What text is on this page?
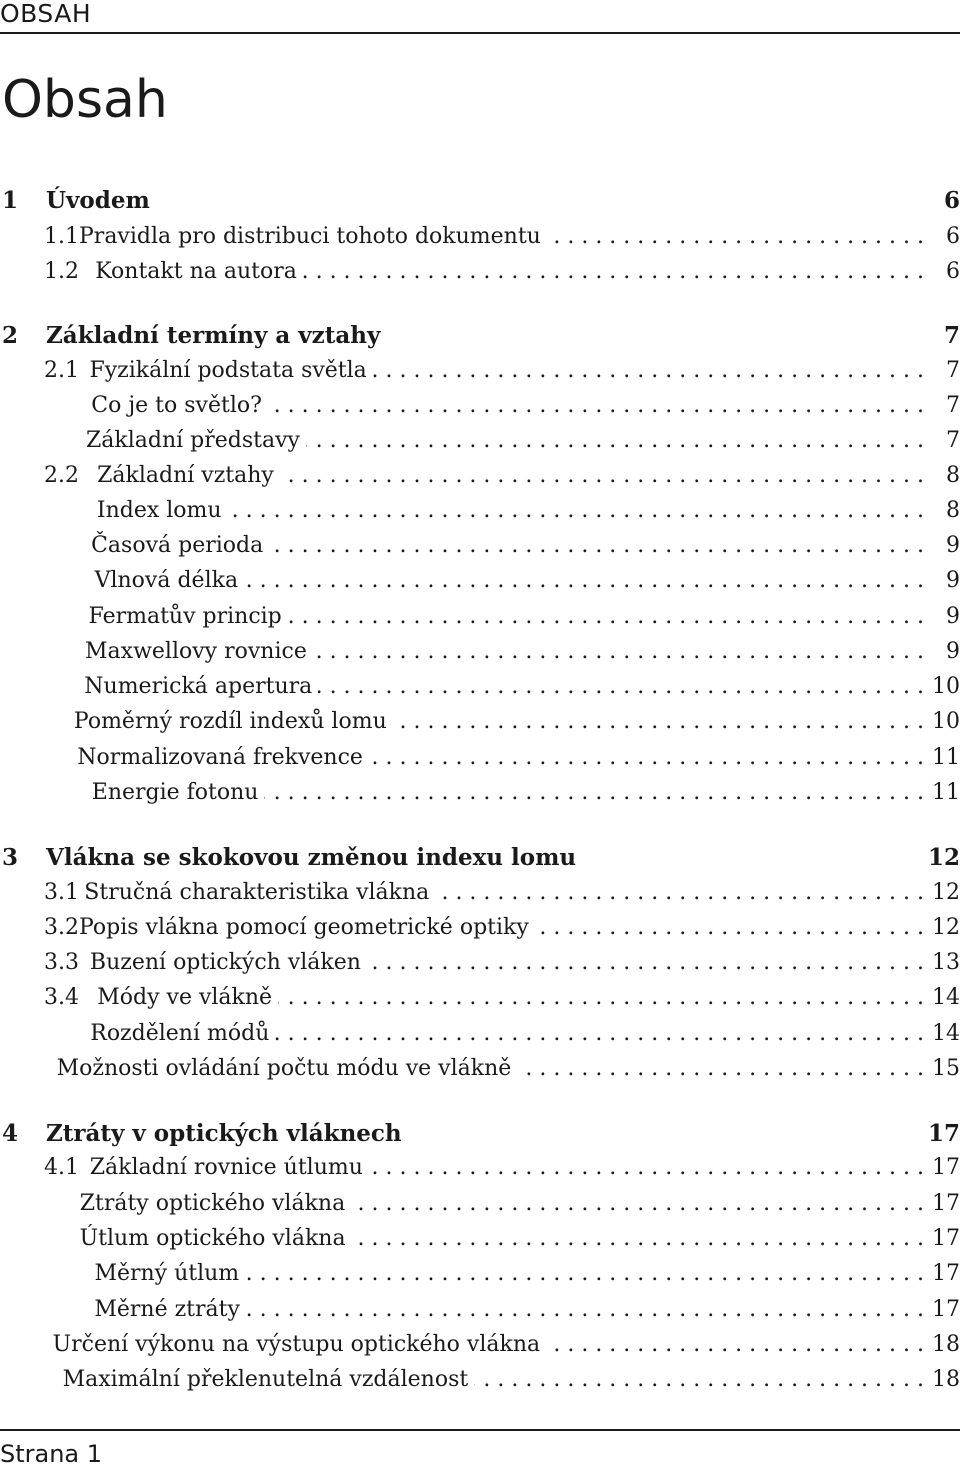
OBSAH
Obsah
1	Úvodem	6
1.1 Pravidla pro distribuci tohoto dokumentu . . .	6
1.2 Kontakt na autora . . .	6
2	Základní termíny a vztahy	7
2.1 Fyzikální podstata světla . . .	7
Co je to světlo? . . .	7
Základní představy . . .	7
2.2 Základní vztahy . . .	8
Index lomu . . .	8
Časová perioda . . .	9
Vlnová délka . . .	9
Fermatův princip . . .	9
Maxwellovy rovnice . . .	9
Numerická apertura . . .	10
Poměrný rozdíl indexů lomu . . .	10
Normalizovaná frekvence . . .	11
Energie fotonu . . .	11
3	Vlákna se skokovou změnou indexu lomu	12
3.1 Stručná charakteristika vlákna . . .	12
3.2 Popis vlákna pomocí geometrické optiky . . .	12
3.3 Buzení optických vláken . . .	13
3.4 Módy ve vlákně . . .	14
Rozdělení módů . . .	14
Možnosti ovládání počtu módu ve vlákně . . .	15
4	Ztráty v optických vláknech	17
4.1 Základní rovnice útlumu . . .	17
Ztráty optického vlákna . . .	17
Útlum optického vlákna . . .	17
Měrný útlum . . .	17
Měrné ztráty . . .	17
Určení výkonu na výstupu optického vlákna . . .	18
Maximální překlenutelná vzdálenost . . .	18
Strana 1
